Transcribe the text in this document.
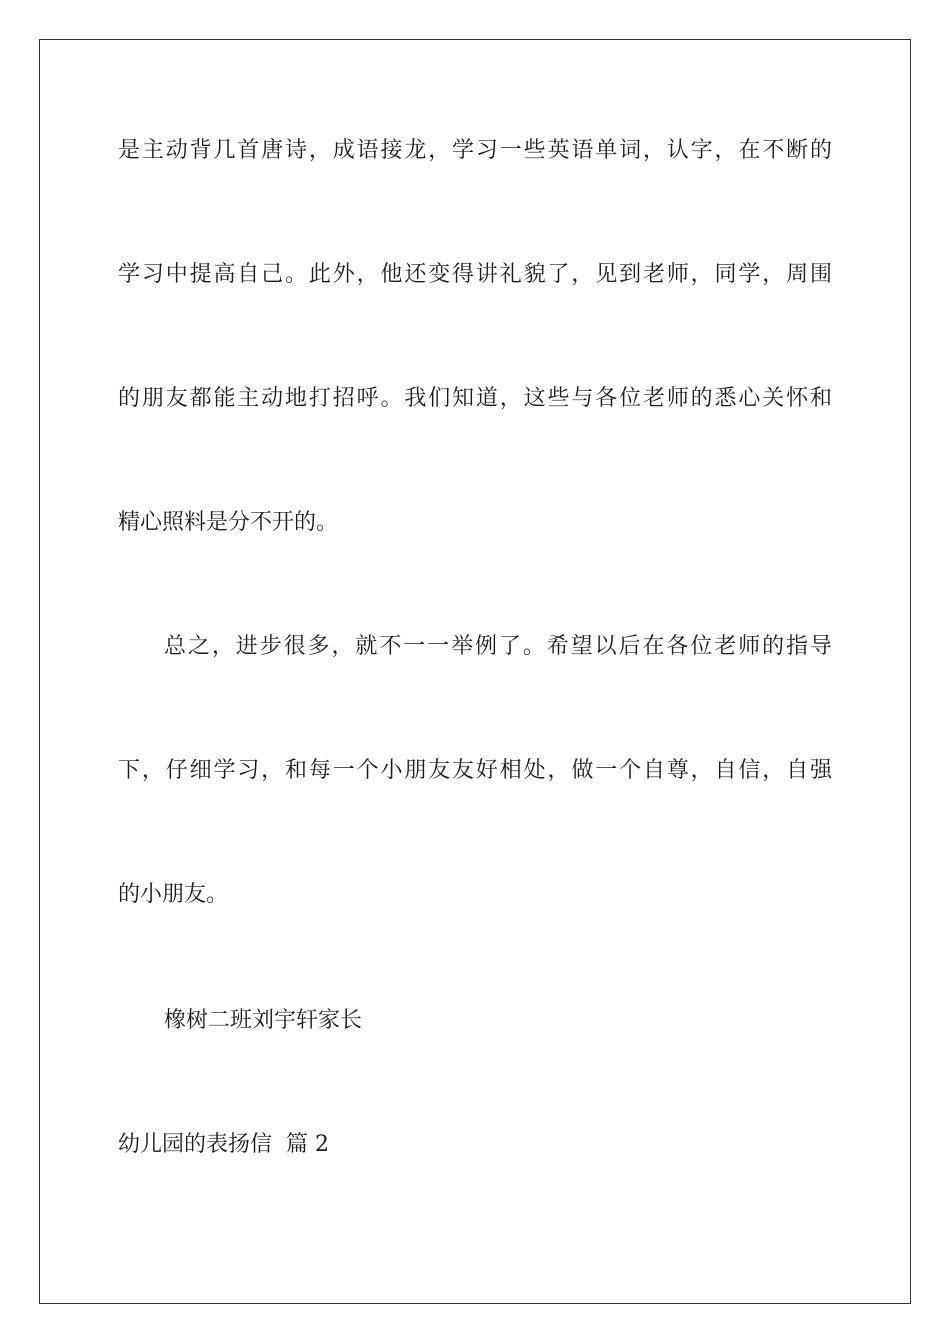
是主动背几首唐诗，成语接龙，学习一些英语单词，认字，在不断的
学习中提高自己。此外，他还变得讲礼貌了，见到老师，同学，周围
的朋友都能主动地打招呼。我们知道，这些与各位老师的悉心关怀和
精心照料是分不开的。
总之，进步很多，就不一一举例了。希望以后在各位老师的指导
下，仔细学习，和每一个小朋友友好相处，做一个自尊，自信，自强
的小朋友。
橡树二班刘宇轩家长
幼儿园的表扬信  篇 2
